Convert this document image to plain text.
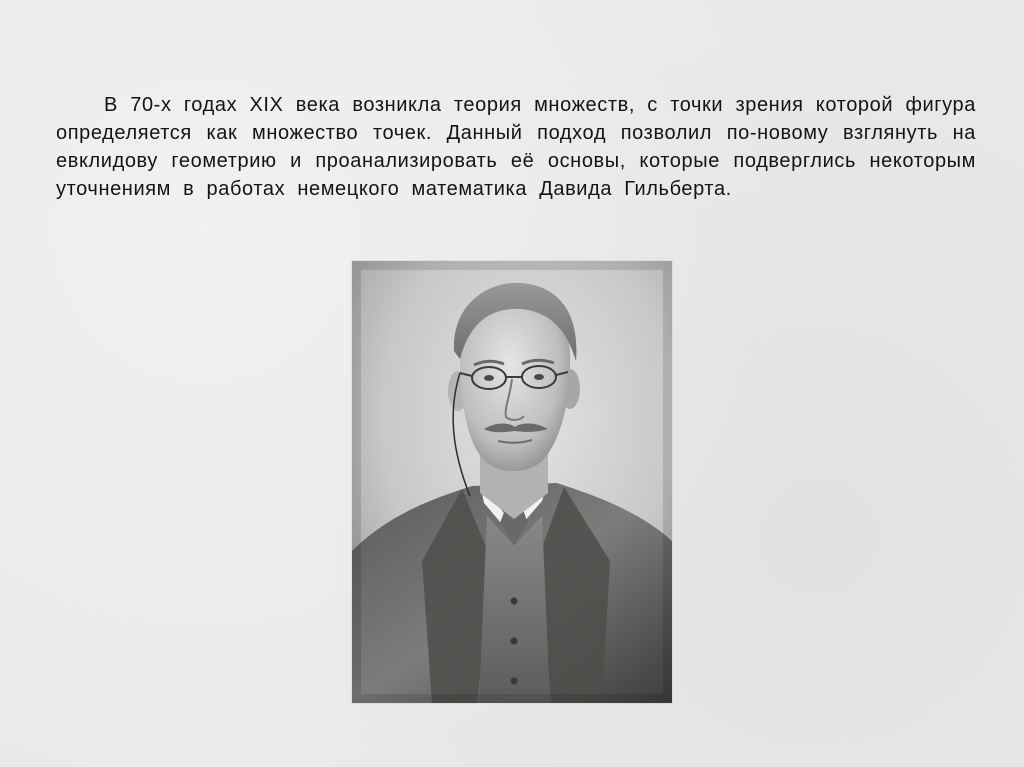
В 70-х годах XIX века возникла теория множеств, с точки зрения которой фигура определяется как множество точек. Данный подход позволил по-новому взглянуть на евклидову геометрию и проанализировать её основы, которые подверглись некоторым уточнениям в работах немецкого математика Давида Гильберта.
